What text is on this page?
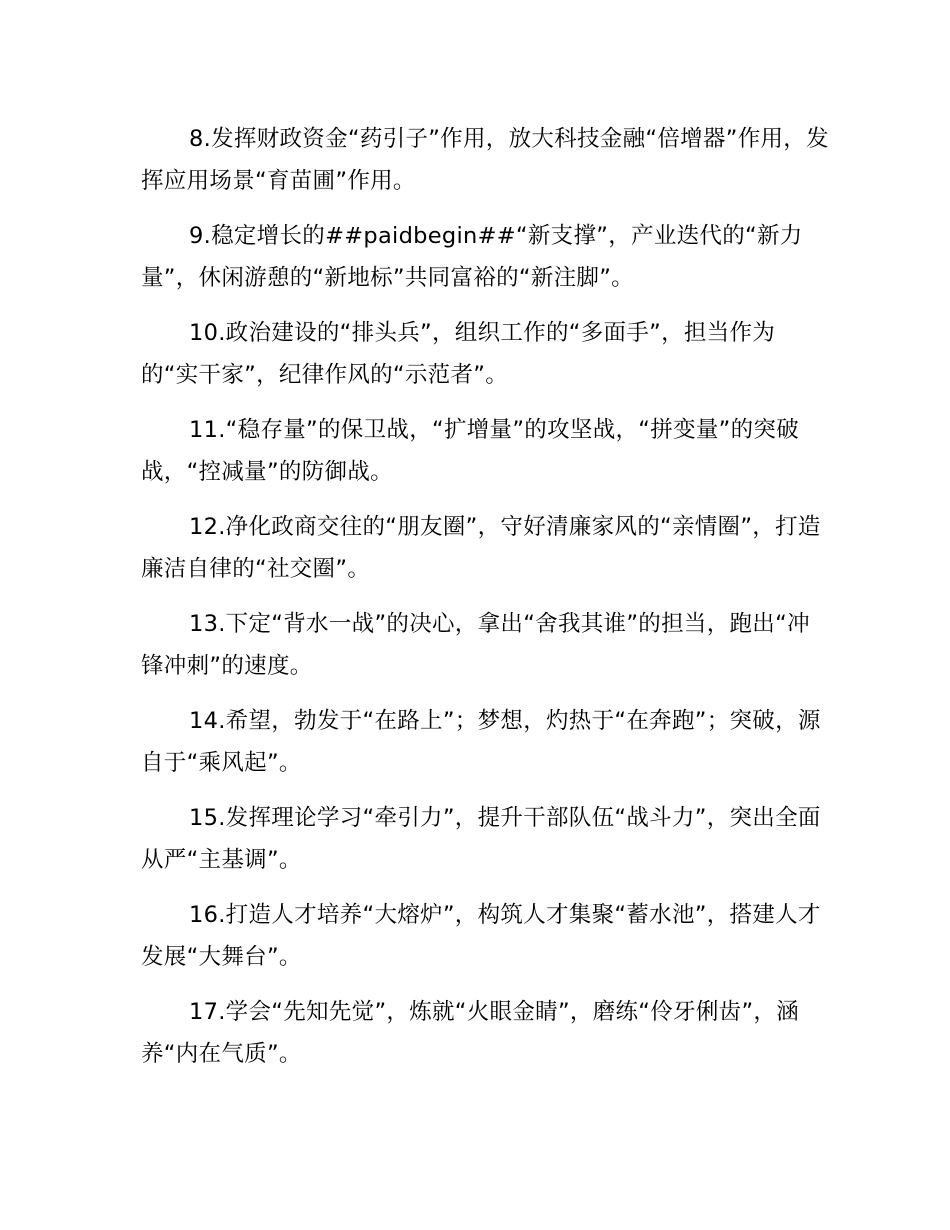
8.发挥财政资金“药引子”作用，放大科技金融“倍增器”作用，发挥应用场景“育苗圃”作用。

9.稳定增长的##paidbegin##“新支撑”，产业迭代的“新力量”，休闲游憩的“新地标”共同富裕的“新注脚”。

10.政治建设的“排头兵”，组织工作的“多面手”，担当作为的“实干家”，纪律作风的“示范者”。

11.“稳存量”的保卫战，“扩增量”的攻坚战，“拼变量”的突破战，“控减量”的防御战。

12.净化政商交往的“朋友圈”，守好清廉家风的“亲情圈”，打造廉洁自律的“社交圈”。

13.下定“背水一战”的决心，拿出“舍我其谁”的担当，跑出“冲锋冲刺”的速度。

14.希望，勃发于“在路上”；梦想，灼热于“在奔跑”；突破，源自于“乘风起”。

15.发挥理论学习“牵引力”，提升干部队伍“战斗力”，突出全面从严“主基调”。

16.打造人才培养“大熔炉”，构筑人才集聚“蓄水池”，搭建人才发展“大舞台”。

17.学会“先知先觉”，炼就“火眼金睛”，磨练“伶牙俐齿”，涵养“内在气质”。
